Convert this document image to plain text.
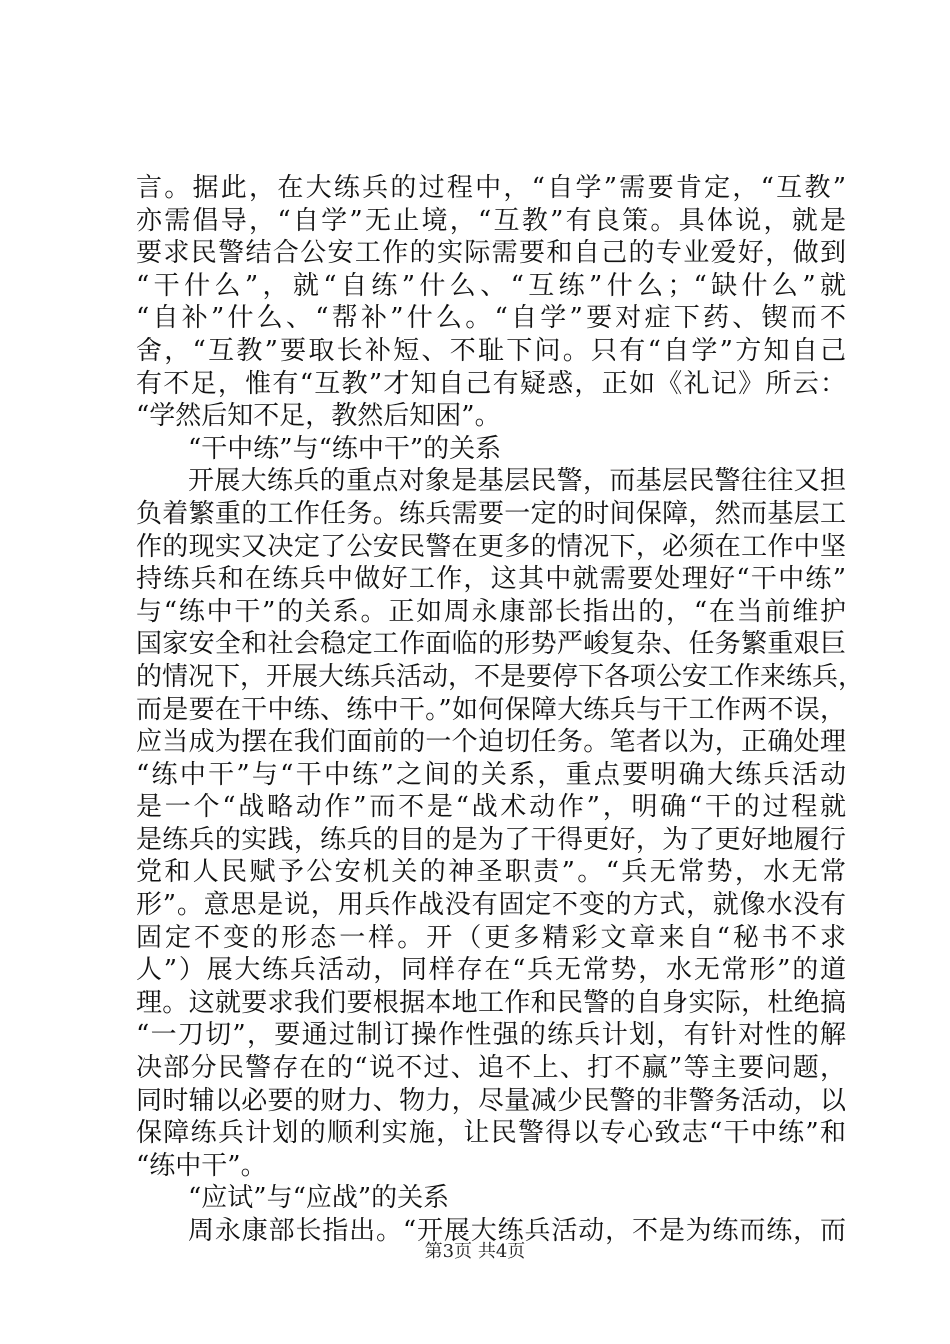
言。据此，在大练兵的过程中，“自学”需要肯定，“互教”
亦需倡导，“自学”无止境，“互教”有良策。具体说，就是
要求民警结合公安工作的实际需要和自己的专业爱好，做到
“干什么”，就“自练”什么、“互练”什么；“缺什么”就
“自补”什么、“帮补”什么。“自学”要对症下药、锲而不
舍，“互教”要取长补短、不耻下问。只有“自学”方知自己
有不足，惟有“互教”才知自己有疑惑，正如《礼记》所云：
“学然后知不足，教然后知困”。
“干中练”与“练中干”的关系
开展大练兵的重点对象是基层民警，而基层民警往往又担
负着繁重的工作任务。练兵需要一定的时间保障，然而基层工
作的现实又决定了公安民警在更多的情况下，必须在工作中坚
持练兵和在练兵中做好工作，这其中就需要处理好“干中练”
与“练中干”的关系。正如周永康部长指出的，“在当前维护
国家安全和社会稳定工作面临的形势严峻复杂、任务繁重艰巨
的情况下，开展大练兵活动，不是要停下各项公安工作来练兵，
而是要在干中练、练中干。”如何保障大练兵与干工作两不误，
应当成为摆在我们面前的一个迫切任务。笔者以为，正确处理
“练中干”与“干中练”之间的关系，重点要明确大练兵活动
是一个“战略动作”而不是“战术动作”，明确“干的过程就
是练兵的实践，练兵的目的是为了干得更好，为了更好地履行
党和人民赋予公安机关的神圣职责”。“兵无常势，水无常
形”。意思是说，用兵作战没有固定不变的方式，就像水没有
固定不变的形态一样。开（更多精彩文章来自“秘书不求
人”）展大练兵活动，同样存在“兵无常势，水无常形”的道
理。这就要求我们要根据本地工作和民警的自身实际，杜绝搞
“一刀切”，要通过制订操作性强的练兵计划，有针对性的解
决部分民警存在的“说不过、追不上、打不赢”等主要问题，
同时辅以必要的财力、物力，尽量减少民警的非警务活动，以
保障练兵计划的顺利实施，让民警得以专心致志“干中练”和
“练中干”。
“应试”与“应战”的关系
周永康部长指出。“开展大练兵活动，不是为练而练，而
第3页 共4页
